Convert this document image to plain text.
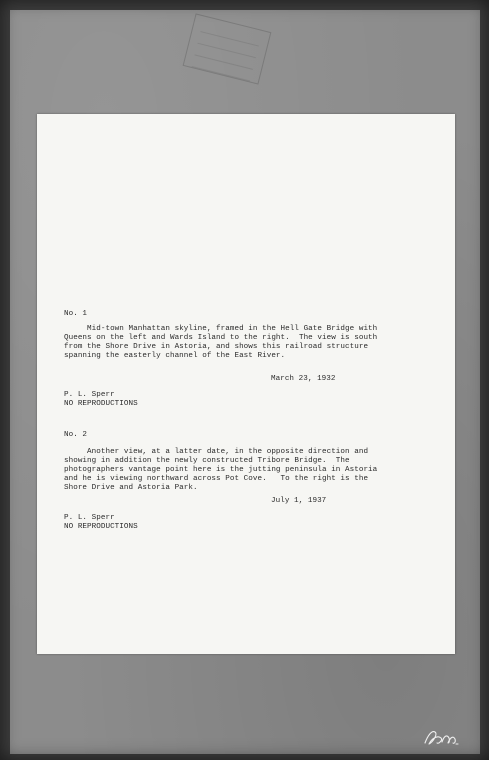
No. 1
Mid-town Manhattan skyline, framed in the Hell Gate Bridge with
Queens on the left and Wards Island to the right.  The view is south
from the Shore Drive in Astoria, and shows this railroad structure
spanning the easterly channel of the East River.
March 23, 1932
P. L. Sperr
NO REPRODUCTIONS
No. 2
Another view, at a latter date, in the opposite direction and
showing in addition the newly constructed Tribore Bridge.  The
photographers vantage point here is the jutting peninsula in Astoria
and he is viewing northward across Pot Cove.   To the right is the
Shore Drive and Astoria Park.
July 1, 1937
P. L. Sperr
NO REPRODUCTIONS
